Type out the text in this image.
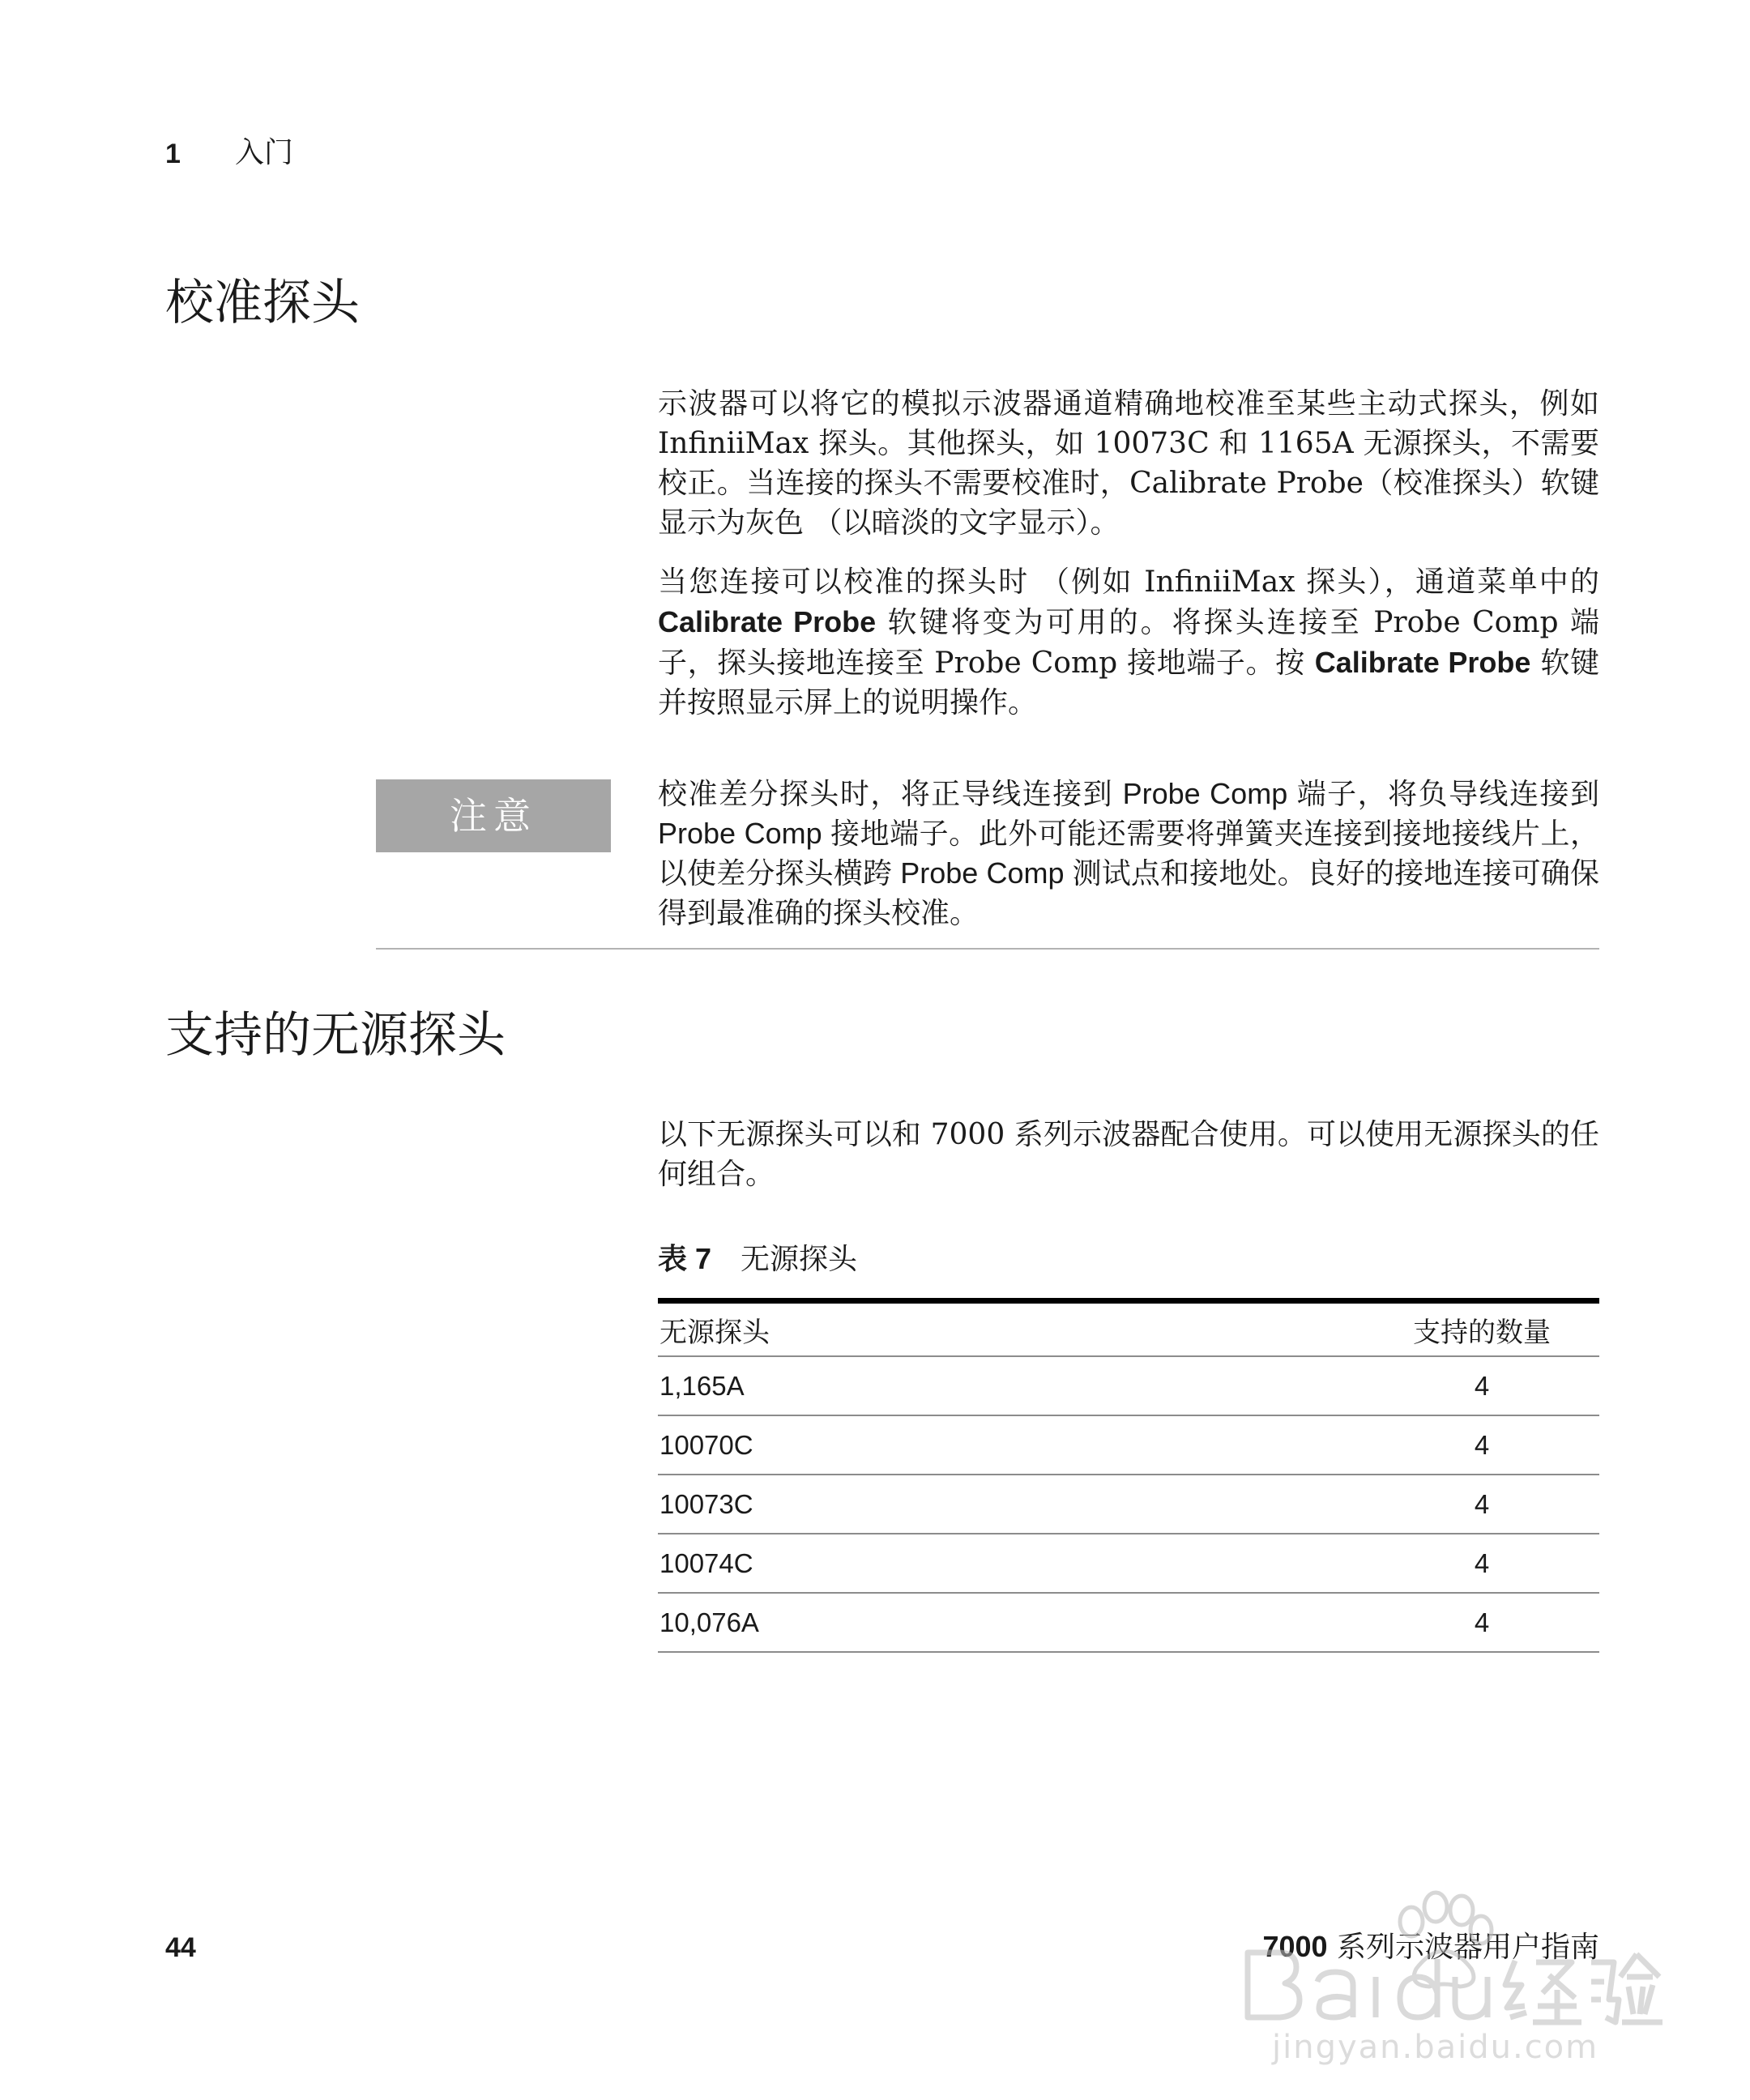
1 入门
校准探头

示波器可以将它的模拟示波器通道精确地校准至某些主动式探头，例如 InfiniiMax 探头。其他探头，如 10073C 和 1165A 无源探头，不需要校正。当连接的探头不需要校准时，Calibrate Probe（校准探头）软键显示为灰色 （以暗淡的文字显示）。

当您连接可以校准的探头时 （例如 InfiniiMax 探头），通道菜单中的 Calibrate Probe 软键将变为可用的。将探头连接至 Probe Comp 端子，探头接地连接至 Probe Comp 接地端子。按 Calibrate Probe 软键并按照显示屏上的说明操作。

注意

校准差分探头时，将正导线连接到 Probe Comp 端子，将负导线连接到 Probe Comp 接地端子。此外可能还需要将弹簧夹连接到接地接线片上，以使差分探头横跨 Probe Comp 测试点和接地处。良好的接地连接可确保得到最准确的探头校准。

支持的无源探头

以下无源探头可以和 7000 系列示波器配合使用。可以使用无源探头的任何组合。

表 7 无源探头
无源探头	支持的数量
1,165A	4
10070C	4
10073C	4
10074C	4
10,076A	4
44	7000 系列示波器用户指南
jingyan.baidu.com
